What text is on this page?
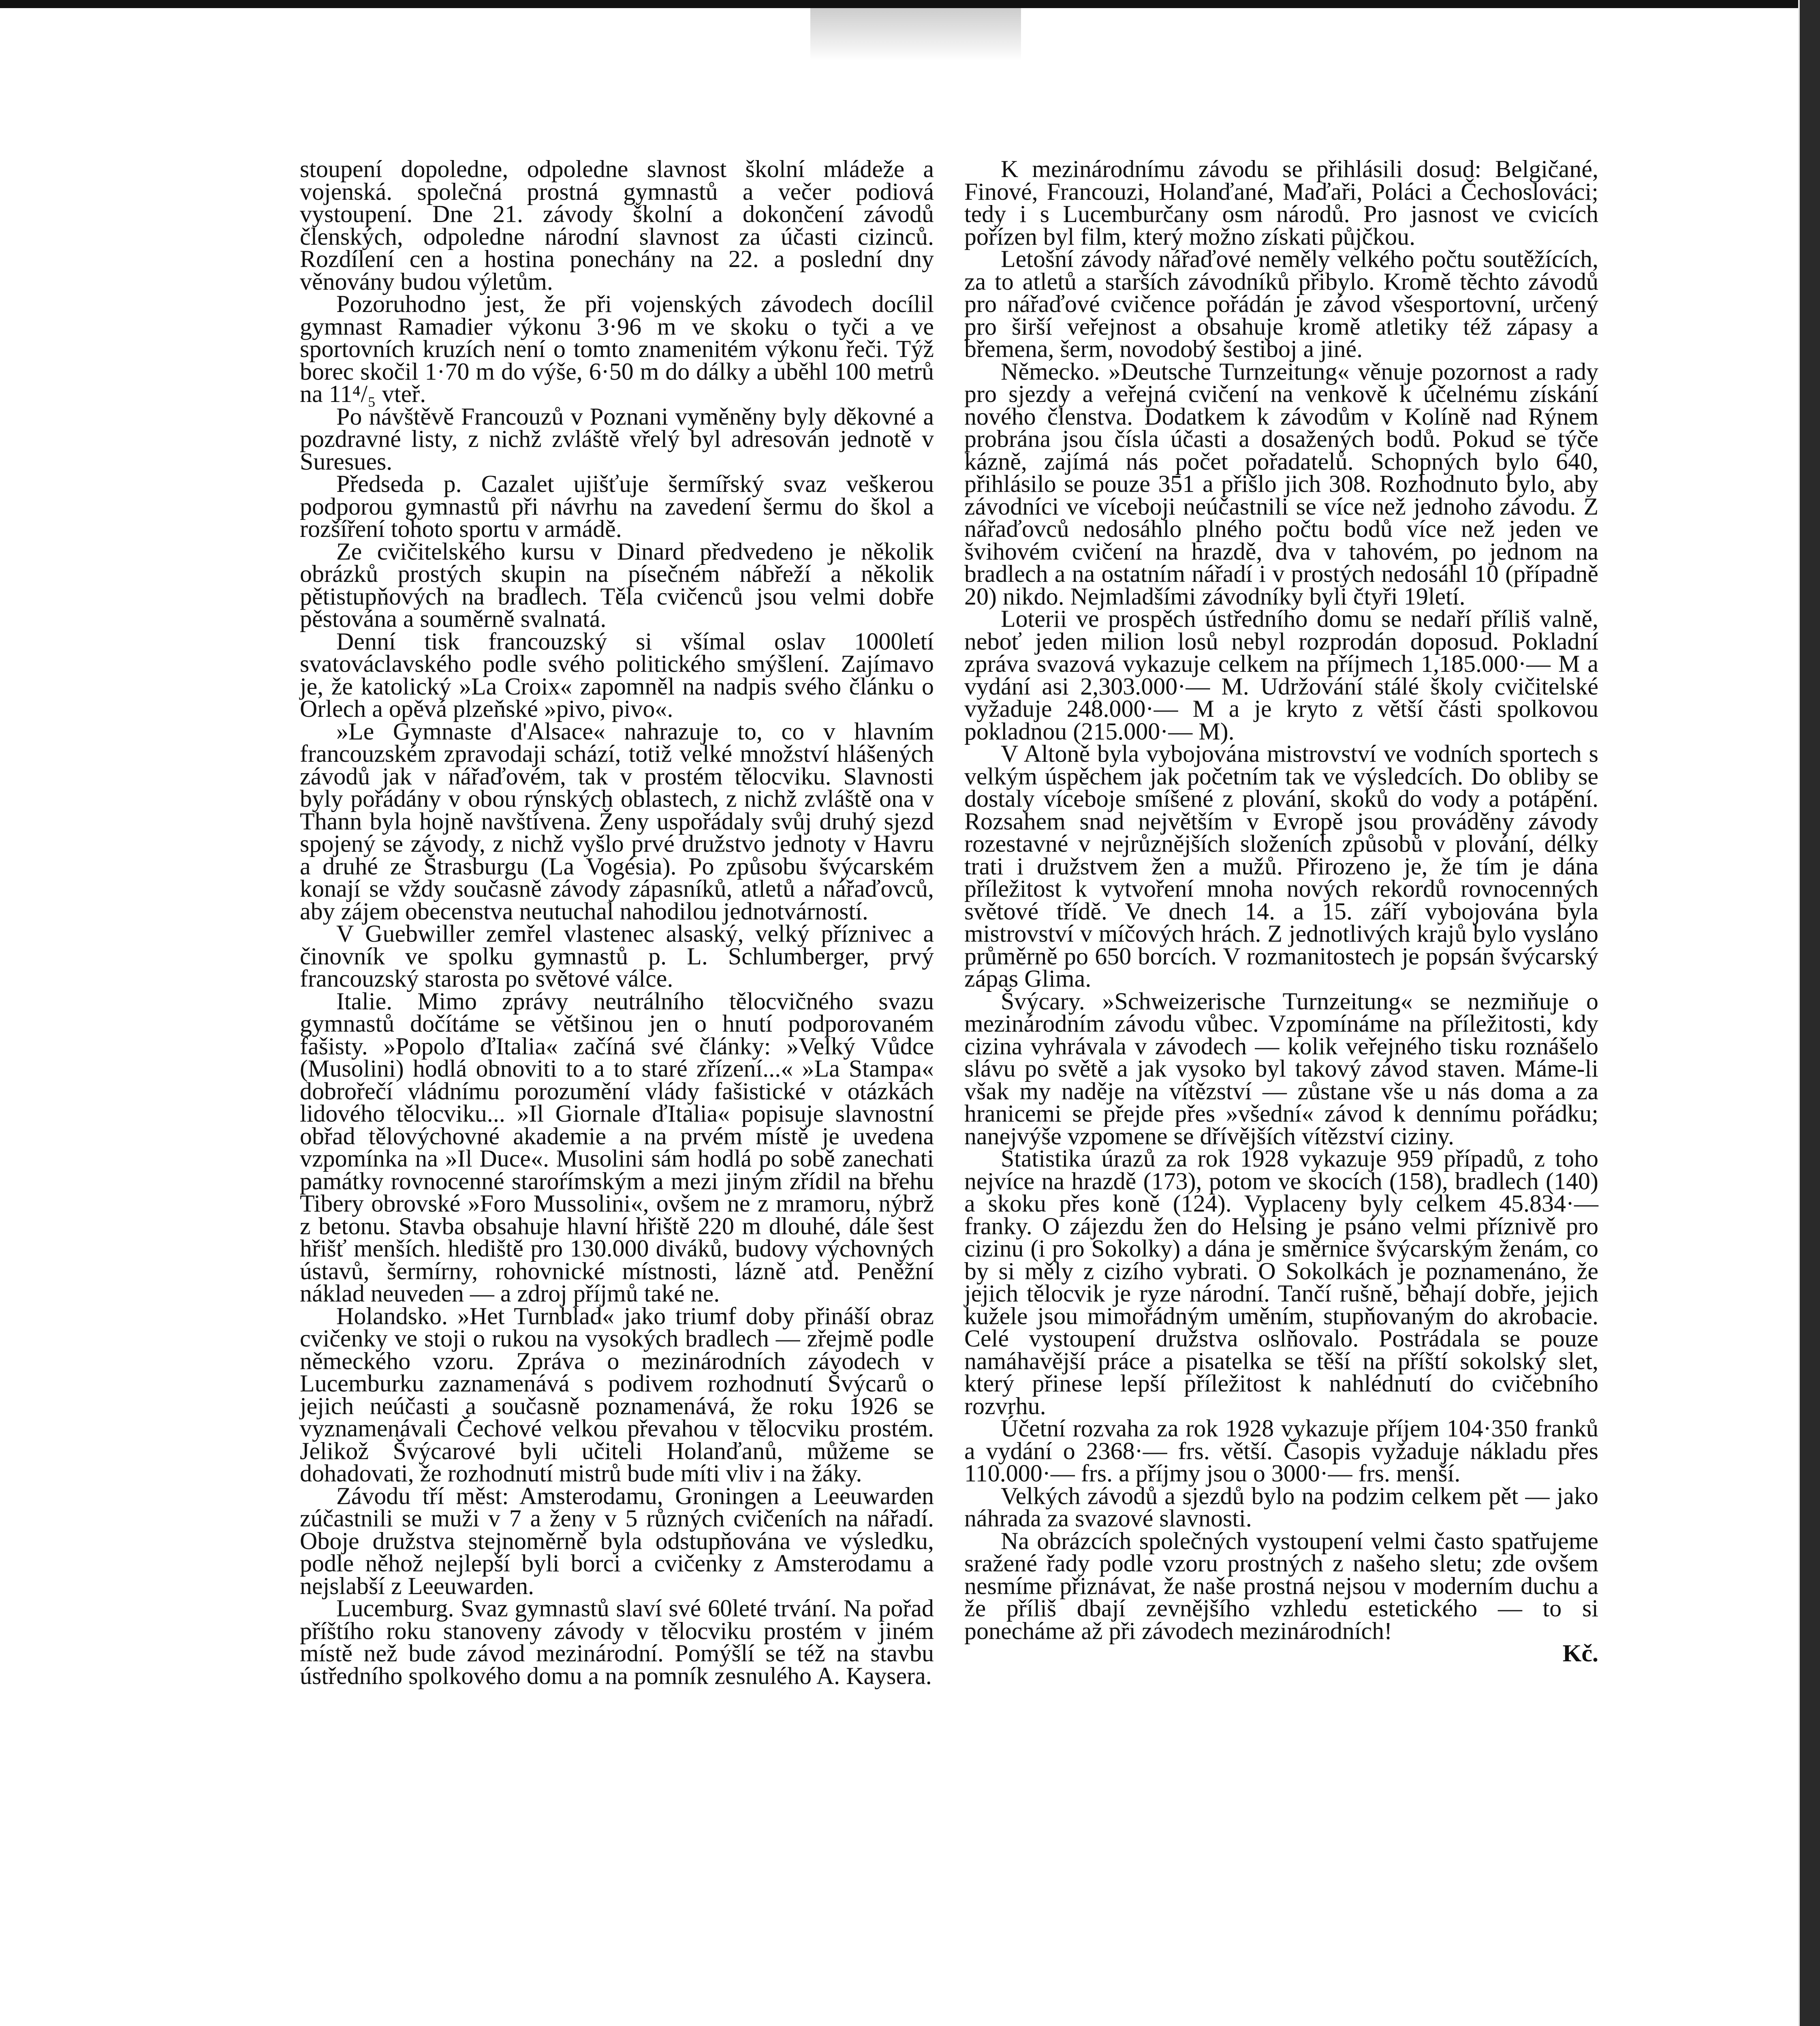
stoupení dopoledne, odpoledne slavnost školní mládeže a vojenská. společná prostná gymnastů a večer podiová vystoupení. Dne 21. závody školní a dokončení závodů členských, odpoledne národní slavnost za účasti cizinců. Rozdílení cen a hostina ponechány na 22. a poslední dny věnovány budou výletům.

Pozoruhodno jest, že při vojenských závodech docílil gymnast Ramadier výkonu 3·96 m ve skoku o tyči a ve sportovních kruzích není o tomto znamenitém výkonu řeči. Týž borec skočil 1·70 m do výše, 6·50 m do dálky a uběhl 100 metrů na 11⁴/₅ vteř.

Po návštěvě Francouzů v Poznani vyměněny byly děkovné a pozdravné listy, z nichž zvláště vřelý byl adresován jednotě v Suresues.

Předseda p. Cazalet ujišťuje šermířský svaz veškerou podporou gymnastů při návrhu na zavedení šermu do škol a rozšíření tohoto sportu v armádě.

Ze cvičitelského kursu v Dinard předvedeno je několik obrázků prostých skupin na písečném nábřeží a několik pětistupňových na bradlech. Těla cvičenců jsou velmi dobře pěstována a souměrně svalnatá.

Denní tisk francouzský si všímal oslav 1000letí svatováclavského podle svého politického smýšlení. Zajímavo je, že katolický »La Croix« zapomněl na nadpis svého článku o Orlech a opěvá plzeňské »pivo, pivo«.

»Le Gymnaste d'Alsace« nahrazuje to, co v hlavním francouzském zpravodaji schází, totiž velké množství hlášených závodů jak v nářaďovém, tak v prostém tělocviku. Slavnosti byly pořádány v obou rýnských oblastech, z nichž zvláště ona v Thann byla hojně navštívena. Ženy uspořádaly svůj druhý sjezd spojený se závody, z nichž vyšlo prvé družstvo jednoty v Havru a druhé ze Štrasburgu (La Vogésia). Po způsobu švýcarském konají se vždy současně závody zápasníků, atletů a nářaďovců, aby zájem obecenstva neutuchal nahodilou jednotvárností.

V Guebwiller zemřel vlastenec alsaský, velký příznivec a činovník ve spolku gymnastů p. L. Schlumberger, prvý francouzský starosta po světové válce.

Italie. Mimo zprávy neutrálního tělocvičného svazu gymnastů dočítáme se většinou jen o hnutí podporovaném fašisty. »Popolo ďItalia« začíná své články: »Velký Vůdce (Musolini) hodlá obnoviti to a to staré zřízení...« »La Stampa« dobrořečí vládnímu porozumění vlády fašistické v otázkách lidového tělocviku... »Il Giornale ďItalia« popisuje slavnostní obřad tělovýchovné akademie a na prvém místě je uvedena vzpomínka na »Il Duce«. Musolini sám hodlá po sobě zanechati památky rovnocenné staroŕímským a mezi jiným zřídil na břehu Tibery obrovské »Foro Mussolini«, ovšem ne z mramoru, nýbrž z betonu. Stavba obsahuje hlavní hřiště 220 m dlouhé, dále šest hřišť menších. hlediště pro 130.000 diváků, budovy výchovných ústavů, šermírny, rohovnické místnosti, lázně atd. Peněžní náklad neuveden — a zdroj příjmů také ne.

Holandsko. »Het Turnblad« jako triumf doby přináší obraz cvičenky ve stoji o rukou na vysokých bradlech — zřejmě podle německého vzoru. Zpráva o mezinárodních závodech v Lucemburku zaznamenává s podivem rozhodnutí Švýcarů o jejich neúčasti a současně poznamenává, že roku 1926 se vyznamenávali Čechové velkou převahou v tělocviku prostém. Jelikož Švýcarové byli učiteli Holanďanů, můžeme se dohadovati, že rozhodnutí mistrů bude míti vliv i na žáky.

Závodu tří měst: Amsterodamu, Groningen a Leeuwarden zúčastnili se muži v 7 a ženy v 5 různých cvičeních na nářadí. Oboje družstva stejnoměrně byla odstupňována ve výsledku, podle něhož nejlepší byli borci a cvičenky z Amsterodamu a nejslabší z Leeuwarden.

Lucemburg. Svaz gymnastů slaví své 60leté trvání. Na pořad příštího roku stanoveny závody v tělocviku prostém v jiném místě než bude závod mezinárodní. Pomýšlí se též na stavbu ústředního spolkového domu a na pomník zesnulého A. Kaysera.

K mezinárodnímu závodu se přihlásili dosud: Belgičané, Finové, Francouzi, Holanďané, Maďaři, Poláci a Čechoslováci; tedy i s Lucemburčany osm národů. Pro jasnost ve cvicích pořízen byl film, který možno získati půjčkou.

Letošní závody nářaďové neměly velkého počtu soutěžících, za to atletů a starších závodníků přibylo. Kromě těchto závodů pro nářaďové cvičence pořádán je závod všesportovní, určený pro širší veřejnost a obsahuje kromě atletiky též zápasy a břemena, šerm, novodobý šestiboj a jiné.

Německo. »Deutsche Turnzeitung« věnuje pozornost a rady pro sjezdy a veřejná cvičení na venkově k účelnému získání nového členstva. Dodatkem k závodům v Kolíně nad Rýnem probrána jsou čísla účasti a dosažených bodů. Pokud se týče kázně, zajímá nás počet pořadatelů. Schopných bylo 640, přihlásilo se pouze 351 a přišlo jich 308. Rozhodnuto bylo, aby závodníci ve víceboji neúčastnili se více než jednoho závodu. Z nářaďovců nedosáhlo plného počtu bodů více než jeden ve švihovém cvičení na hrazdě, dva v tahovém, po jednom na bradlech a na ostatním nářadí i v prostých nedosáhl 10 (případně 20) nikdo. Nejmladšími závodníky byli čtyři 19letí.

Loterii ve prospěch ústředního domu se nedaří příliš valně, neboť jeden milion losů nebyl rozprodán doposud. Pokladní zpráva svazová vykazuje celkem na příjmech 1,185.000·— M a vydání asi 2,303.000·— M. Udržování stálé školy cvičitelské vyžaduje 248.000·— M a je kryto z větší části spolkovou pokladnou (215.000·— M).

V Altoně byla vybojována mistrovství ve vodních sportech s velkým úspěchem jak početním tak ve výsledcích. Do obliby se dostaly víceboje smíšené z plování, skoků do vody a potápění. Rozsahem snad největším v Evropě jsou prováděny závody rozestavné v nejrůznějších složeních způsobů v plování, délky trati i družstvem žen a mužů. Přirozeno je, že tím je dána příležitost k vytvoření mnoha nových rekordů rovnocenných světové třídě. Ve dnech 14. a 15. září vybojována byla mistrovství v míčových hrách. Z jednotlivých krajů bylo vysláno průměrně po 650 borcích. V rozmanitostech je popsán švýcarský zápas Glima.

Švýcary. »Schweizerische Turnzeitung« se nezmiňuje o mezinárodním závodu vůbec. Vzpomínáme na příležitosti, kdy cizina vyhrávala v závodech — kolik veřejného tisku roznášelo slávu po světě a jak vysoko byl takový závod staven. Máme-li však my naděje na vítězství — zůstane vše u nás doma a za hranicemi se přejde přes »všední« závod k dennímu pořádku; nanejvýše vzpomene se dřívějších vítězství ciziny.

Statistika úrazů za rok 1928 vykazuje 959 případů, z toho nejvíce na hrazdě (173), potom ve skocích (158), bradlech (140) a skoku přes koně (124). Vyplaceny byly celkem 45.834·— franky. O zájezdu žen do Helsing je psáno velmi příznivě pro cizinu (i pro Sokolky) a dána je směrnice švýcarským ženám, co by si měly z cizího vybrati. O Sokolkách je poznamenáno, že jejich tělocvik je ryze národní. Tančí rušně, běhají dobře, jejich kužele jsou mimořádným uměním, stupňovaným do akrobacie. Celé vystoupení družstva oslňovalo. Postrádala se pouze namáhavější práce a pisatelka se těší na příští sokolský slet, který přinese lepší příležitost k nahlédnutí do cvičebního rozvrhu.

Účetní rozvaha za rok 1928 vykazuje příjem 104·350 franků a vydání o 2368·— frs. větší. Časopis vyžaduje nákladu přes 110.000·— frs. a příjmy jsou o 3000·— frs. menší.

Velkých závodů a sjezdů bylo na podzim celkem pět — jako náhrada za svazové slavnosti.

Na obrázcích společných vystoupení velmi často spatřujeme sražené řady podle vzoru prostných z našeho sletu; zde ovšem nesmíme přiznávat, že naše prostná nejsou v moderním duchu a že příliš dbají zevnějšího vzhledu estetického — to si ponecháme až při závodech mezinárodních!

Kč.
